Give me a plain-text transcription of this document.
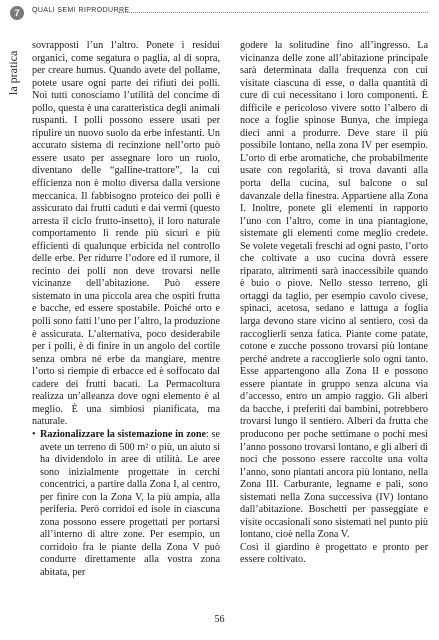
7	QUALI SEMI RIPRODURRE
la pratica

sovrapposti l’un l’altro. Ponete i residui organici, come segatura o paglia, al di sopra, per creare humus. Quando avete del pollame, potete usare ogni parte dei rifiuti dei polli. Noi tutti conosciamo l’utilità del concime di pollo, questa è una caratteristica degli animali ruspanti. I polli possono essere usati per ripulire un nuovo suolo da erbe infestanti. Un accurato sistema di recinzione nell’orto può essere usato per assegnare loro un ruolo, diventano delle “galline-trattore”, la cui efficienza non è molto diversa dalla versione meccanica. Il fabbisogno proteico dei polli è assicurato dai frutti caduti e dai vermi (questo arresta il ciclo frutto-insetto), il loro naturale comportamento li rende più sicuri e più efficienti di qualunque erbicida nel controllo delle erbe. Per ridurre l’odore ed il rumore, il recinto dei polli non deve trovarsi nelle vicinanze dell’abitazione. Può essere sistemato in una piccola area che ospiti frutta e bacche, ed essere spostabile. Poiché orto e polli sono fatti l’uno per l’altro, la produzione è assicurata. L’alternativa, poco desiderabile per i polli, è di finire in un angolo del cortile senza ombra né erbe da mangiare, mentre l’orto si riempie di erbacce ed è soffocato dal cadere dei frutti bacati. La Permacoltura realizza un’alleanza dove ogni elemento è al meglio. È una simbiosi pianificata, ma naturale.

• Razionalizzare la sistemazione in zone: se avete un terreno di 500 m² o più, un aiuto si ha dividendolo in aree di utilità. Le aree sono inizialmente progettate in cerchi concentrici, a partire dalla Zona I, al centro, per finire con la Zona V, la più ampia, alla periferia. Però corridoi ed isole in ciascuna zona possono essere progettati per portarsi all’interno di altre zone. Per esempio, un corridoio fra le piante della Zona V può condurre direttamente alla vostra zona abitata, per

godere la solitudine fino all’ingresso. La vicinanza delle zone all’abitazione principale sarà determinata dalla frequenza con cui visitate ciascuna di esse, o dalla quantità di cure di cui necessitano i loro componenti. È difficile e pericoloso vivere sotto l’albero di noce a foglie spinose Bunya, che impiega dieci anni a produrre. Deve stare il più possibile lontano, nella zona IV per esempio. L’orto di erbe aromatiche, che probabilmente usate con regolarità, si trova davanti alla porta della cucina, sul balcone o sul davanzale della finestra. Appartiene alla Zona I. Inoltre, ponete gli elementi in rapporto l’uno con l’altro, come in una piantagione, sistemate gli elementi come meglio credete. Se volete vegetali freschi ad ogni pasto, l’orto che coltivate a uso cucina dovrà essere riparato, altrimenti sarà inaccessibile quando è buio o piove. Nello stesso terreno, gli ortaggi da taglio, per esempio cavolo civese, spinaci, acetosa, sedano e lattuga a foglia larga devono stare vicino al sentiero, così da raccoglierli senza fatica. Piante come patate, cotone e zucche possono trovarsi più lontane perché andrete a raccoglierle solo ogni tanto. Esse appartengono alla Zona II e possono essere piantate in gruppo senza alcuna via d’accesso, entro un ampio raggio. Gli alberi da bacche, i preferiti dai bambini, potrebbero trovarsi lungo il sentiero. Alberi da frutta che producono per poche settimane o pochi mesi l’anno possono trovarsi lontano, e gli alberi di noci che possono essere raccolte una volta l’anno, sono piantati ancora più lontano, nella Zona III. Carburante, legname e pali, sono sistemati nella Zona successiva (IV) lontano dall’abitazione. Boschetti per passeggiate e visite occasionali sono sistemati nel punto più lontano, cioè nella Zona V.

Così il giardino è progettato e pronto per essere coltivato.

56
